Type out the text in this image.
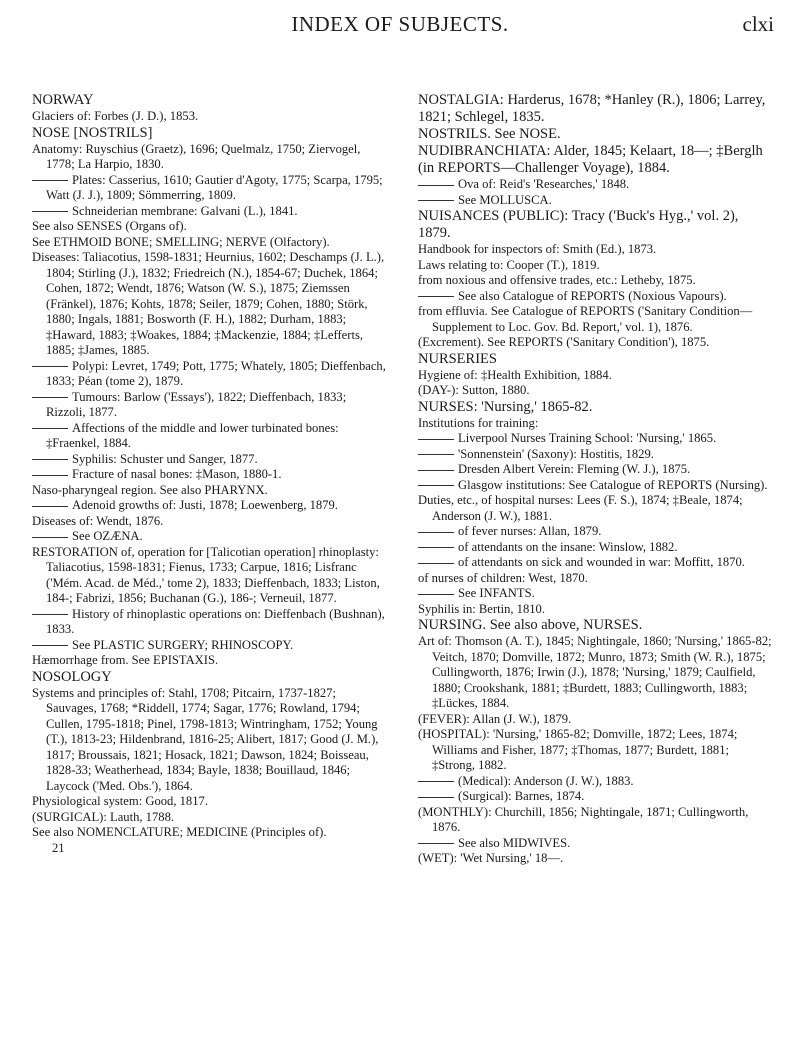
INDEX OF SUBJECTS.	clxi

NORWAY

Glaciers of: Forbes (J. D.), 1853.

NOSE [NOSTRILS]

Anatomy: Ruyschius (Graetz), 1696; Quelmalz, 1750; Ziervogel, 1778; La Harpio, 1830.

Plates: Casserius, 1610; Gautier d'Agoty, 1775; Scarpa, 1795; Watt (J. J.), 1809; Sömmerring, 1809.

Schneiderian membrane: Galvani (L.), 1841.

See also SENSES (Organs of).

See ETHMOID BONE; SMELLING; NERVE (Olfactory).

Diseases: Taliacotius, 1598-1831; Heurnius, 1602; Deschamps (J. L.), 1804; Stirling (J.), 1832; Friedreich (N.), 1854-67; Duchek, 1864; Cohen, 1872; Wendt, 1876; Watson (W. S.), 1875; Ziemssen (Fränkel), 1876; Kohts, 1878; Seiler, 1879; Cohen, 1880; Störk, 1880; Ingals, 1881; Bosworth (F. H.), 1882; Durham, 1883; ‡Haward, 1883; ‡Woakes, 1884; ‡Mackenzie, 1884; ‡Lefferts, 1885; ‡James, 1885.

Polypi: Levret, 1749; Pott, 1775; Whately, 1805; Dieffenbach, 1833; Péan (tome 2), 1879.

Tumours: Barlow ('Essays'), 1822; Dieffenbach, 1833; Rizzoli, 1877.

Affections of the middle and lower turbinated bones: ‡Fraenkel, 1884.

Syphilis: Schuster und Sanger, 1877.

Fracture of nasal bones: ‡Mason, 1880-1.

Naso-pharyngeal region. See also PHARYNX.

Adenoid growths of: Justi, 1878; Loewenberg, 1879.

Diseases of: Wendt, 1876.

See OZÆNA.

RESTORATION of, operation for [Talicotian operation] rhinoplasty: Taliacotius, 1598-1831; Fienus, 1733; Carpue, 1816; Lisfranc ('Mém. Acad. de Méd.,' tome 2), 1833; Dieffenbach, 1833; Liston, 184-; Fabrizi, 1856; Buchanan (G.), 186-; Verneuil, 1877.

History of rhinoplastic operations on: Dieffenbach (Bushnan), 1833.

See PLASTIC SURGERY; RHINOSCOPY.

Hæmorrhage from. See EPISTAXIS.

NOSOLOGY

Systems and principles of: Stahl, 1708; Pitcairn, 1737-1827; Sauvages, 1768; *Riddell, 1774; Sagar, 1776; Rowland, 1794; Cullen, 1795-1818; Pinel, 1798-1813; Wintringham, 1752; Young (T.), 1813-23; Hildenbrand, 1816-25; Alibert, 1817; Good (J. M.), 1817; Broussais, 1821; Hosack, 1821; Dawson, 1824; Boisseau, 1828-33; Weatherhead, 1834; Bayle, 1838; Bouillaud, 1846; Laycock ('Med. Obs.'), 1864.

Physiological system: Good, 1817.

(SURGICAL): Lauth, 1788.

See also NOMENCLATURE; MEDICINE (Principles of).

21

NOSTALGIA: Harderus, 1678; *Hanley (R.), 1806; Larrey, 1821; Schlegel, 1835.

NOSTRILS. See NOSE.

NUDIBRANCHIATA: Alder, 1845; Kelaart, 18—; ‡Berglh (in REPORTS—Challenger Voyage), 1884.

Ova of: Reid's 'Researches,' 1848.

See MOLLUSCA.

NUISANCES (PUBLIC): Tracy ('Buck's Hyg.,' vol. 2), 1879.

Handbook for inspectors of: Smith (Ed.), 1873.

Laws relating to: Cooper (T.), 1819.

from noxious and offensive trades, etc.: Letheby, 1875.

See also Catalogue of REPORTS (Noxious Vapours).

from effluvia. See Catalogue of REPORTS ('Sanitary Condition—Supplement to Loc. Gov. Bd. Report,' vol. 1), 1876.

(Excrement). See REPORTS ('Sanitary Condition'), 1875.

NURSERIES

Hygiene of: ‡Health Exhibition, 1884.

(DAY-): Sutton, 1880.

NURSES: 'Nursing,' 1865-82.

Institutions for training:

Liverpool Nurses Training School: 'Nursing,' 1865.

'Sonnenstein' (Saxony): Hostitis, 1829.

Dresden Albert Verein: Fleming (W. J.), 1875.

Glasgow institutions: See Catalogue of REPORTS (Nursing).

Duties, etc., of hospital nurses: Lees (F. S.), 1874; ‡Beale, 1874; Anderson (J. W.), 1881.

of fever nurses: Allan, 1879.

of attendants on the insane: Winslow, 1882.

of attendants on sick and wounded in war: Moffitt, 1870.

of nurses of children: West, 1870.

See INFANTS.

Syphilis in: Bertin, 1810.

NURSING. See also above, NURSES.

Art of: Thomson (A. T.), 1845; Nightingale, 1860; 'Nursing,' 1865-82; Veitch, 1870; Domville, 1872; Munro, 1873; Smith (W. R.), 1875; Cullingworth, 1876; Irwin (J.), 1878; 'Nursing,' 1879; Caulfield, 1880; Crookshank, 1881; ‡Burdett, 1883; Cullingworth, 1883; ‡Lückes, 1884.

(FEVER): Allan (J. W.), 1879.

(HOSPITAL): 'Nursing,' 1865-82; Domville, 1872; Lees, 1874; Williams and Fisher, 1877; ‡Thomas, 1877; Burdett, 1881; ‡Strong, 1882.

(Medical): Anderson (J. W.), 1883.

(Surgical): Barnes, 1874.

(MONTHLY): Churchill, 1856; Nightingale, 1871; Cullingworth, 1876.

See also MIDWIVES.

(WET): 'Wet Nursing,' 18—.
